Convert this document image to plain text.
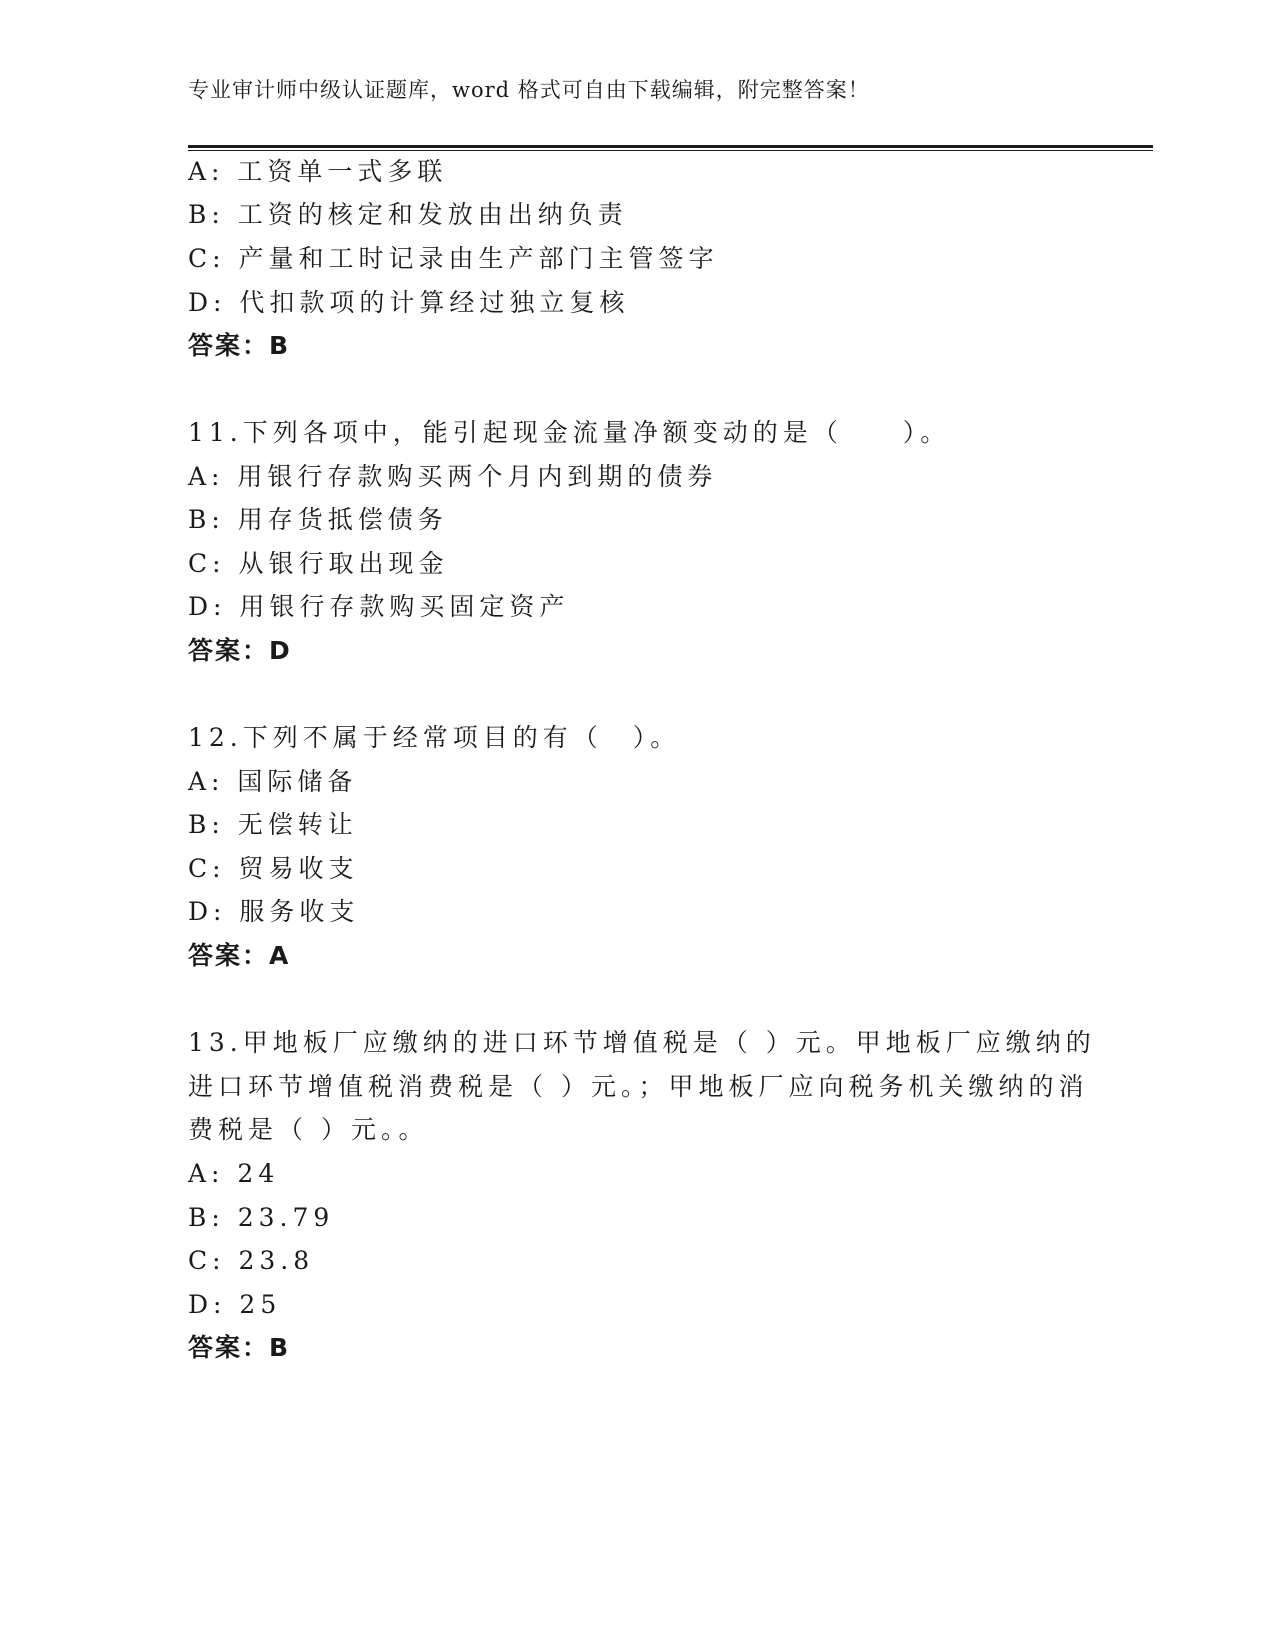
专业审计师中级认证题库，word 格式可自由下载编辑，附完整答案！
A: 工资单一式多联
B: 工资的核定和发放由出纳负责
C: 产量和工时记录由生产部门主管签字
D: 代扣款项的计算经过独立复核
答案：B
11.下列各项中，能引起现金流量净额变动的是（　　）。
A: 用银行存款购买两个月内到期的债券
B: 用存货抵偿债务
C: 从银行取出现金
D: 用银行存款购买固定资产
答案：D
12.下列不属于经常项目的有（　）。
A: 国际储备
B: 无偿转让
C: 贸易收支
D: 服务收支
答案：A
13.甲地板厂应缴纳的进口环节增值税是（ ）元。甲地板厂应缴纳的
进口环节增值税消费税是（ ）元。；甲地板厂应向税务机关缴纳的消
费税是（ ）元。。
A: 24
B: 23.79
C: 23.8
D: 25
答案：B
